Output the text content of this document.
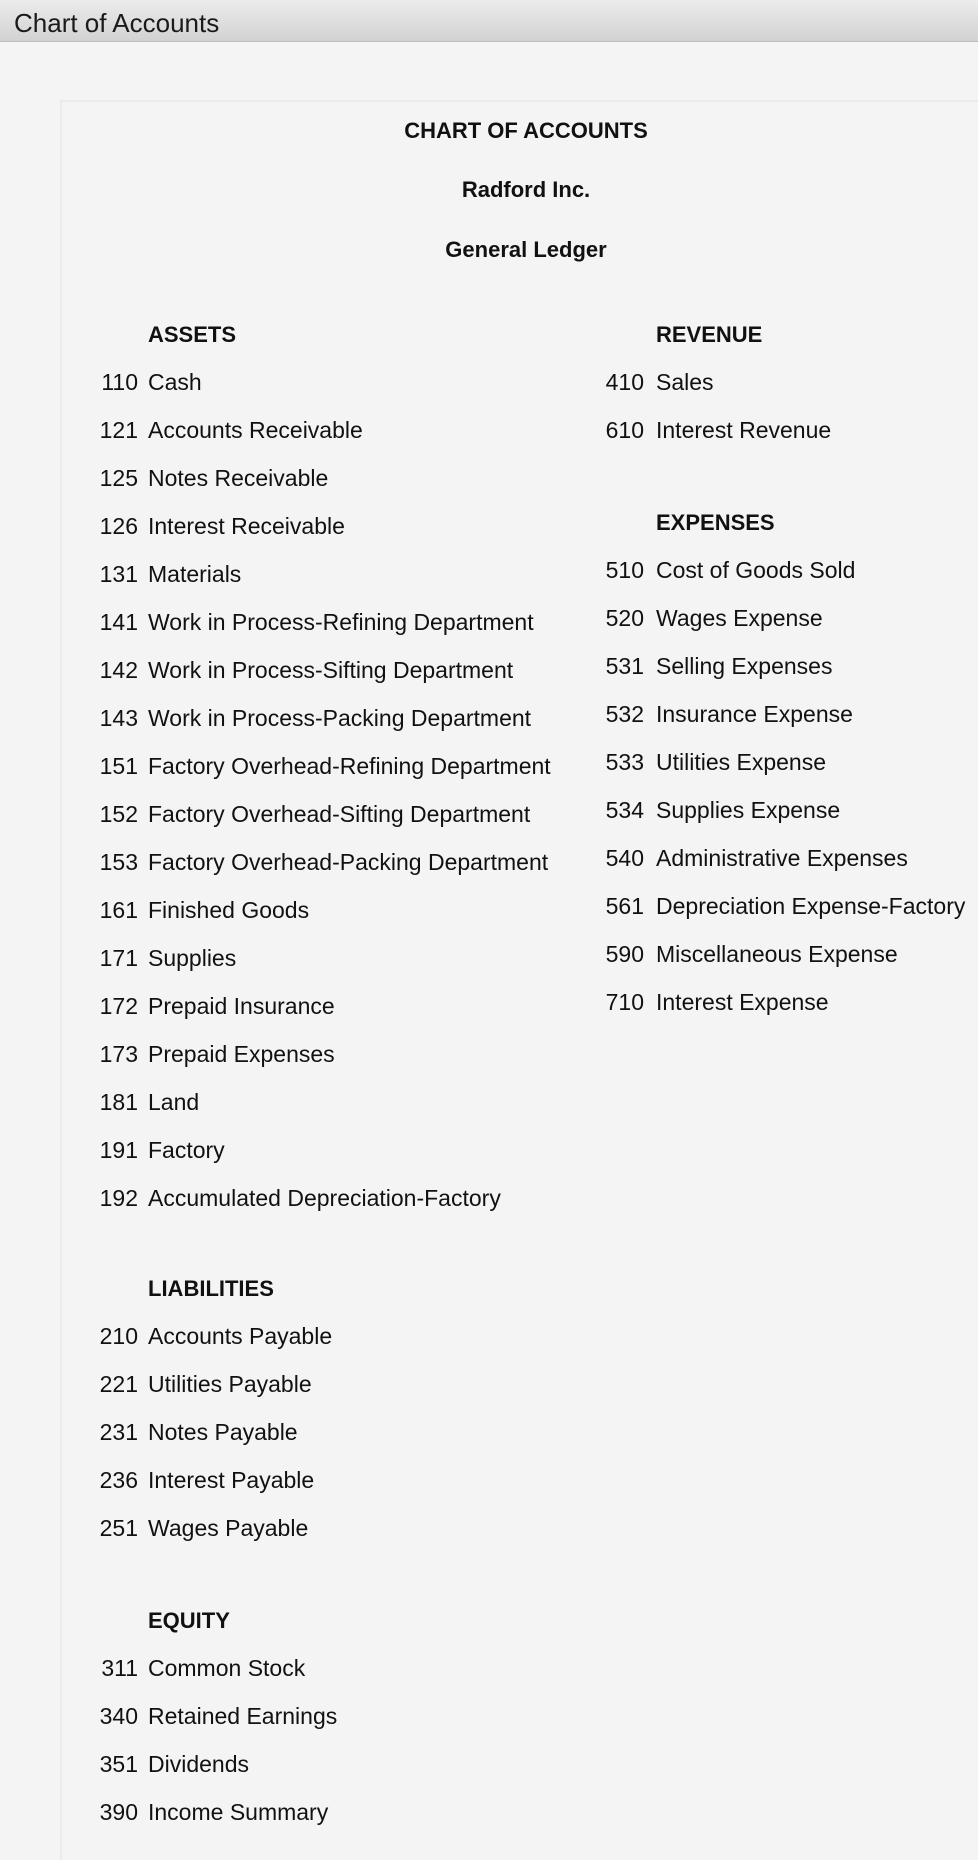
Chart of Accounts
CHART OF ACCOUNTS
Radford Inc.
General Ledger
ASSETS
110 Cash
121 Accounts Receivable
125 Notes Receivable
126 Interest Receivable
131 Materials
141 Work in Process-Refining Department
142 Work in Process-Sifting Department
143 Work in Process-Packing Department
151 Factory Overhead-Refining Department
152 Factory Overhead-Sifting Department
153 Factory Overhead-Packing Department
161 Finished Goods
171 Supplies
172 Prepaid Insurance
173 Prepaid Expenses
181 Land
191 Factory
192 Accumulated Depreciation-Factory
LIABILITIES
210 Accounts Payable
221 Utilities Payable
231 Notes Payable
236 Interest Payable
251 Wages Payable
EQUITY
311 Common Stock
340 Retained Earnings
351 Dividends
390 Income Summary
REVENUE
410 Sales
610 Interest Revenue
EXPENSES
510 Cost of Goods Sold
520 Wages Expense
531 Selling Expenses
532 Insurance Expense
533 Utilities Expense
534 Supplies Expense
540 Administrative Expenses
561 Depreciation Expense-Factory
590 Miscellaneous Expense
710 Interest Expense
